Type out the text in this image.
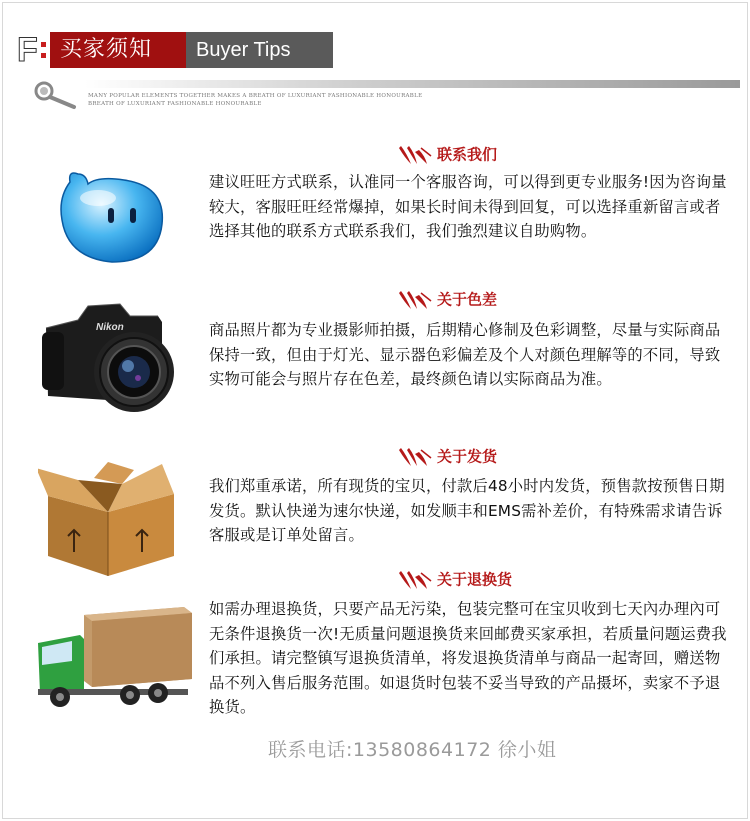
F	买家须知	Buyer Tips
MANY POPULAR ELEMENTS TOGETHER MAKES A BREATH OF LUXURIANT FASHIONABLE HONOURABLE
BREATH OF LUXURIANT FASHIONABLE HONOURABLE
联系我们
建议旺旺方式联系，认准同一个客服咨询，可以得到更专业服务!因为咨询量较大，客服旺旺经常爆掉，如果长时间未得到回复，可以选择重新留言或者选择其他的联系方式联系我们，我们強烈建议自助购物。
Nikon
关于色差
商品照片都为专业摄影师拍摄，后期精心修制及色彩调整，尽量与实际商品保持一致，但由于灯光、显示器色彩偏差及个人对颜色理解等的不同，导致实物可能会与照片存在色差，最终颜色请以实际商品为准。
关于发货
我们郑重承诺，所有现货的宝贝，付款后48小时内发货，预售款按预售日期发货。默认快递为速尔快递，如发顺丰和EMS需补差价，有特殊需求请告诉客服或是订单处留言。
关于退换货
如需办理退换货，只要产品无污染，包装完整可在宝贝收到七天內办理內可无条件退換货一次!无质量问题退換货来回邮费买家承担，若质量问题运费我们承担。请完整镇写退换货清单，将发退换货清单与商品一起寄回，赠送物品不列入售后服务范围。如退货时包装不妥当导致的产品摄坏，卖家不予退换货。
联系电话:13580864172 徐小姐
